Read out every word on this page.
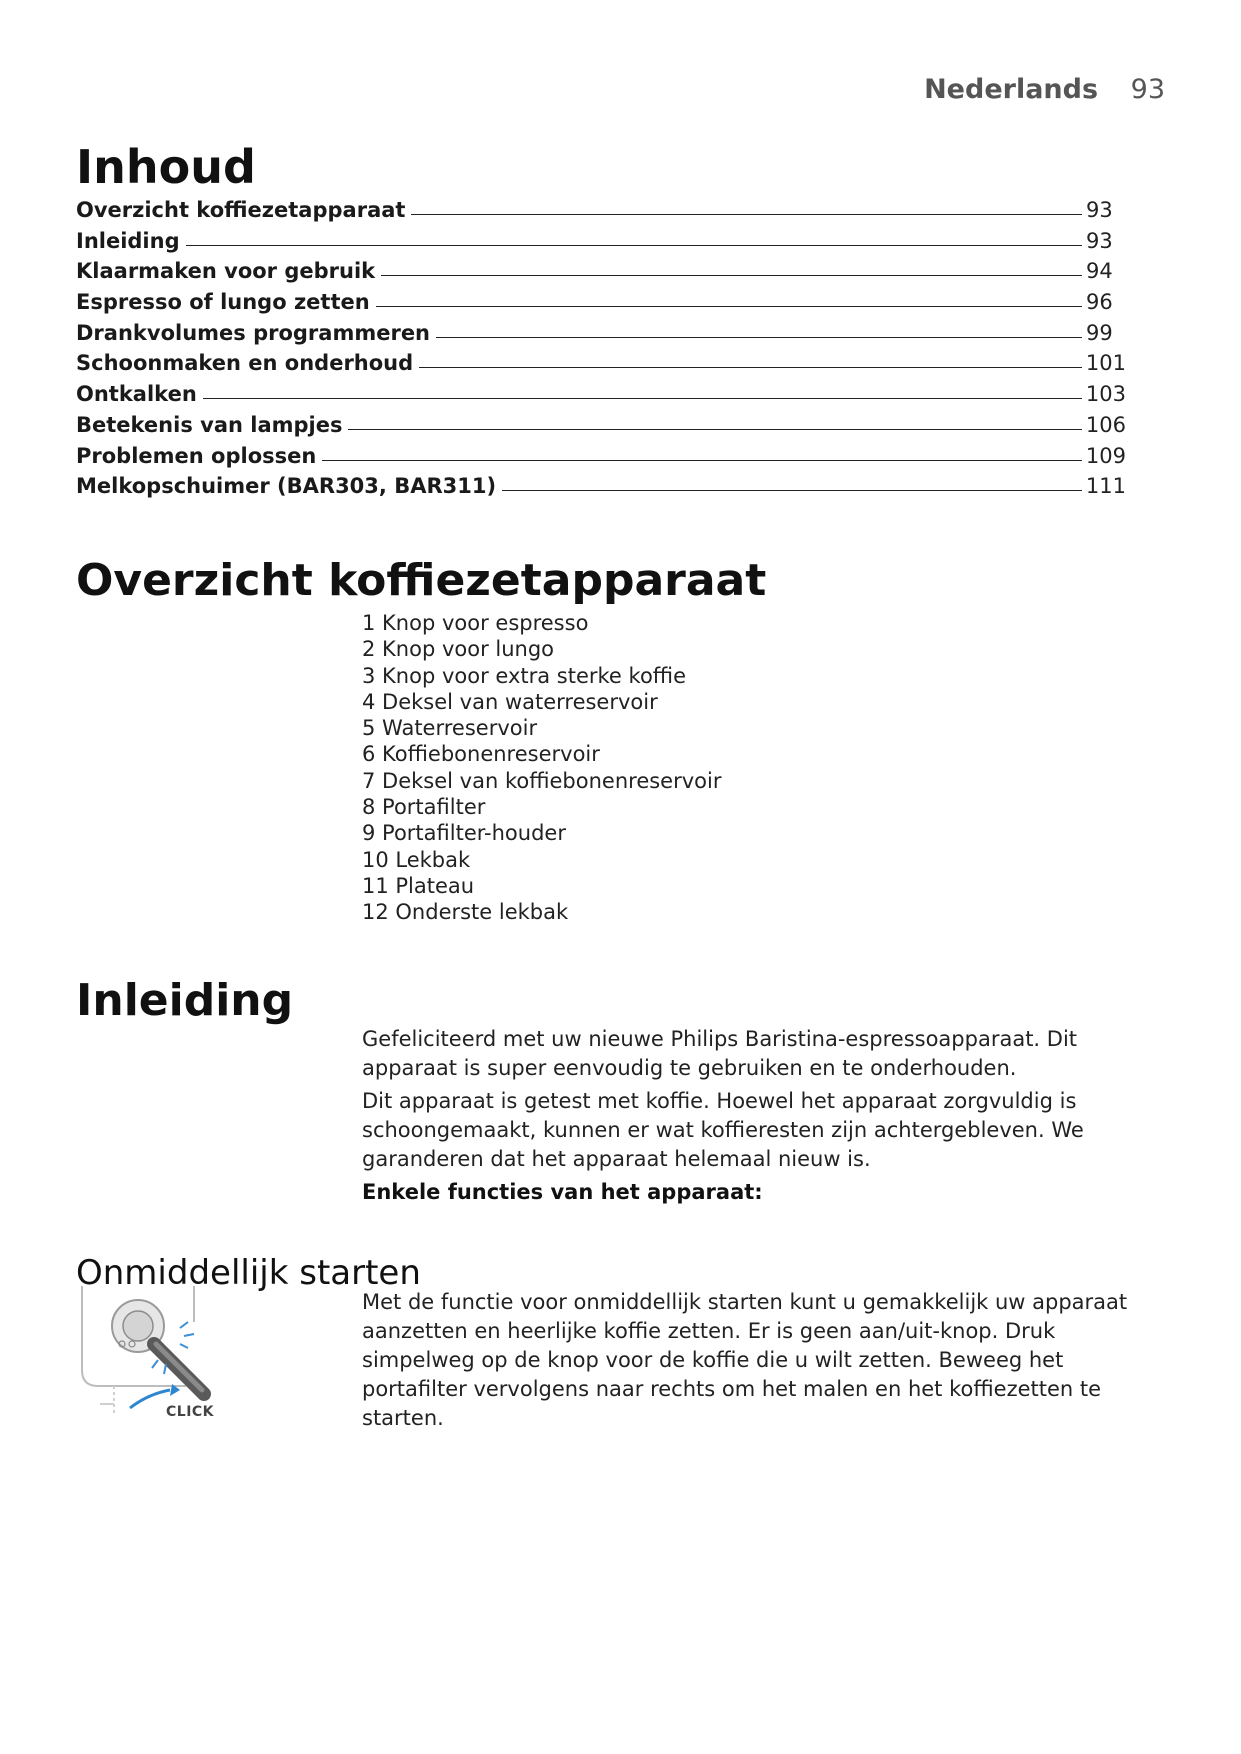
Nederlands 93
Inhoud
Overzicht koffiezetapparaat	93
Inleiding	93
Klaarmaken voor gebruik	94
Espresso of lungo zetten	96
Drankvolumes programmeren	99
Schoonmaken en onderhoud	101
Ontkalken	103
Betekenis van lampjes	106
Problemen oplossen	109
Melkopschuimer (BAR303, BAR311)	111
Overzicht koffiezetapparaat
1 Knop voor espresso
2 Knop voor lungo
3 Knop voor extra sterke koffie
4 Deksel van waterreservoir
5 Waterreservoir
6 Koffiebonenreservoir
7 Deksel van koffiebonenreservoir
8 Portafilter
9 Portafilter-houder
10 Lekbak
11 Plateau
12 Onderste lekbak
Inleiding

Gefeliciteerd met uw nieuwe Philips Baristina-espressoapparaat. Dit apparaat is super eenvoudig te gebruiken en te onderhouden.

Dit apparaat is getest met koffie. Hoewel het apparaat zorgvuldig is schoongemaakt, kunnen er wat koffieresten zijn achtergebleven. We garanderen dat het apparaat helemaal nieuw is.

Enkele functies van het apparaat:

Onmiddellijk starten
CLICK
Met de functie voor onmiddellijk starten kunt u gemakkelijk uw apparaat aanzetten en heerlijke koffie zetten. Er is geen aan/uit-knop. Druk simpelweg op de knop voor de koffie die u wilt zetten. Beweeg het portafilter vervolgens naar rechts om het malen en het koffiezetten te starten.
